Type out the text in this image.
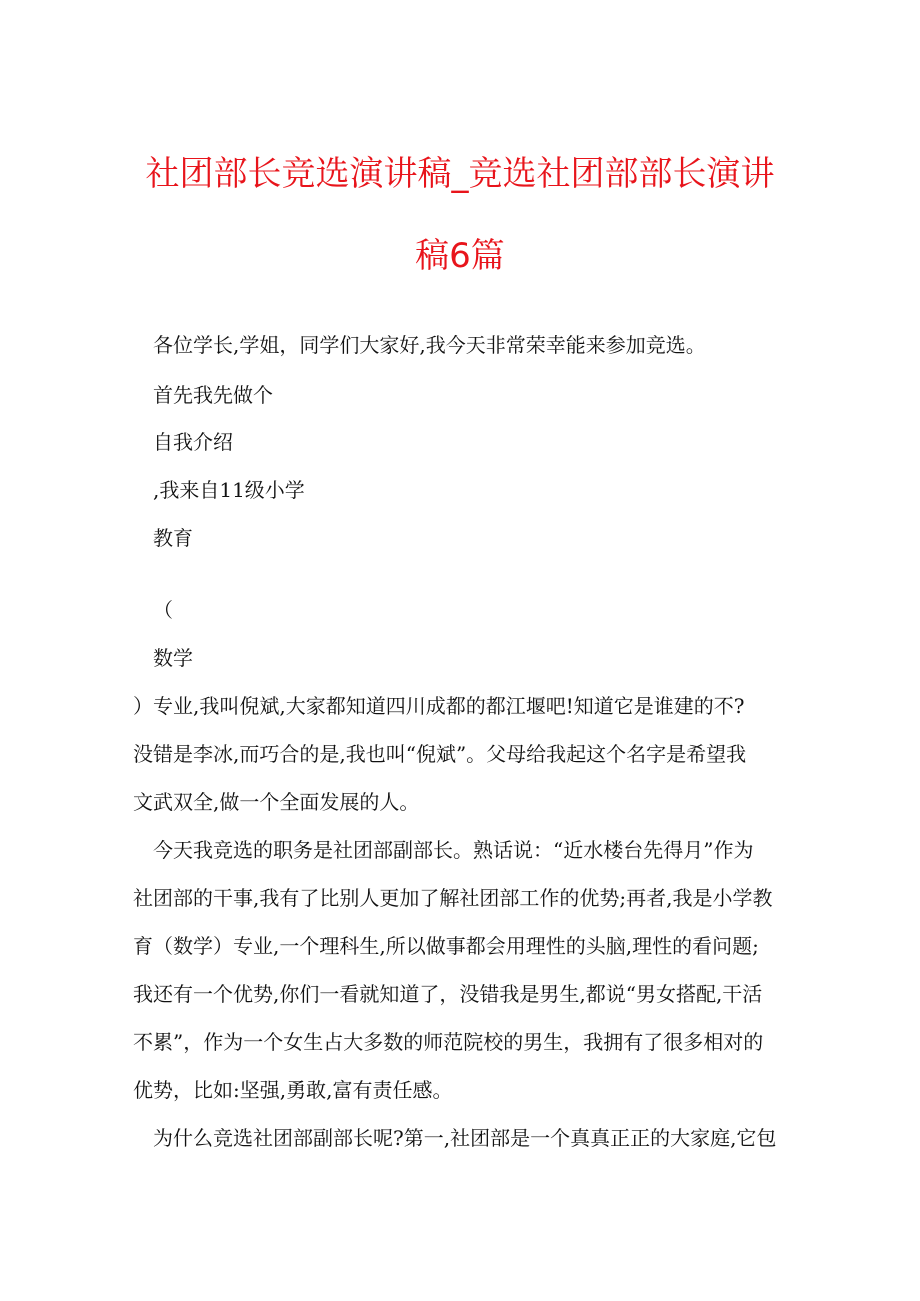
社团部长竞选演讲稿_竞选社团部部长演讲
稿6篇
各位学长,学姐，同学们大家好,我今天非常荣幸能来参加竞选。
首先我先做个
自我介绍
,我来自11级小学
教育
（
数学
）专业,我叫倪斌,大家都知道四川成都的都江堰吧!知道它是谁建的不?
没错是李冰,而巧合的是,我也叫“倪斌”。父母给我起这个名字是希望我
文武双全,做一个全面发展的人。
今天我竞选的职务是社团部副部长。熟话说：“近水楼台先得月”作为
社团部的干事,我有了比别人更加了解社团部工作的优势;再者,我是小学教
育（数学）专业,一个理科生,所以做事都会用理性的头脑,理性的看问题;
我还有一个优势,你们一看就知道了，没错我是男生,都说“男女搭配,干活
不累”，作为一个女生占大多数的师范院校的男生，我拥有了很多相对的
优势，比如:坚强,勇敢,富有责任感。
为什么竞选社团部副部长呢?第一,社团部是一个真真正正的大家庭,它包
